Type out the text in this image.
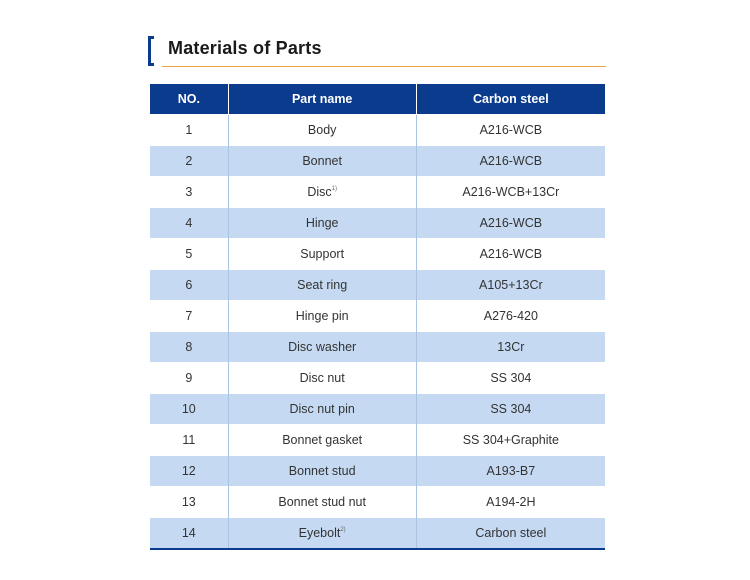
Materials of Parts
NO.	Part name	Carbon steel
1	Body	A216-WCB
2	Bonnet	A216-WCB
3	Disc$^{1)}$	A216-WCB+13Cr
4	Hinge	A216-WCB
5	Support	A216-WCB
6	Seat ring	A105+13Cr
7	Hinge pin	A276-420
8	Disc washer	13Cr
9	Disc nut	SS 304
10	Disc nut pin	SS 304
11	Bonnet gasket	SS 304+Graphite
12	Bonnet stud	A193-B7
13	Bonnet stud nut	A194-2H
14	Eyebolt$^{2)}$	Carbon steel
